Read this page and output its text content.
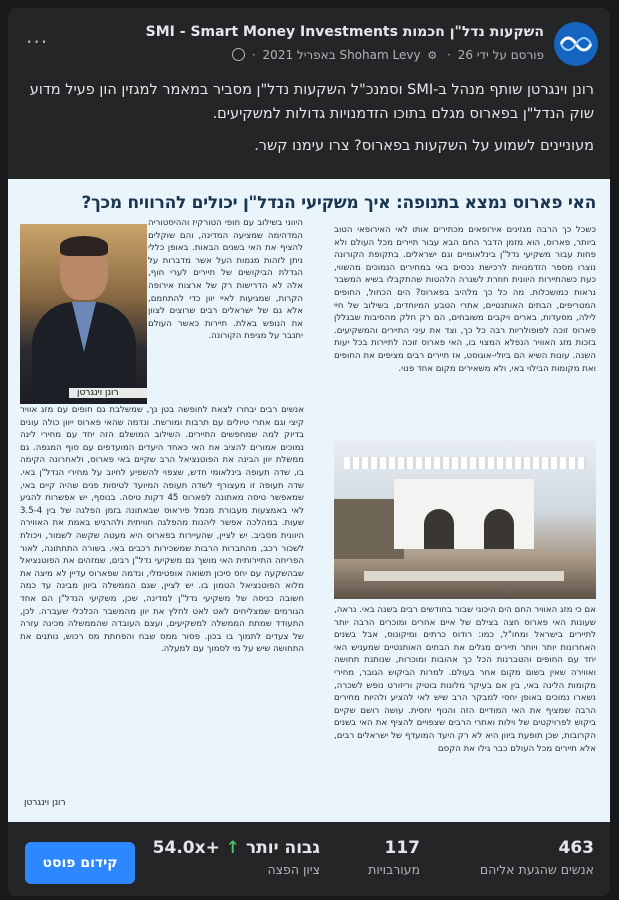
השקעות נדל"ן חכמות SMI - Smart Money Investments
פורסם על ידי Shoham Levy ⚙ · 26 באפריל 2021 ·
···

רונן וינגרטן שותף מנהל ב-SMI וסמנכ"ל השקעות נדל"ן מסביר במאמר למגזין הון פעיל מדוע שוק הנדל"ן בפארוס מגלם בתוכו הזדמנויות גדולות למשקיעים.

מעוניינים לשמוע על השקעות בפארוס? צרו עימנו קשר.

האי פארוס נמצא בתנופה: איך משקיעי הנדל"ן יכולים להרוויח מכך?
כשכל כך הרבה מגזינים אירופאים מכתירים אותו לאי האירופאי הטוב ביותר, פארוס, הוא מזמן הדבר החם הבא עבור תיירים מכל העולם ולא פחות עבור משקיעי נדל"ן בינלאומיים וגם ישראלים. בתקופת הקורונה נוצרו מספר הזדמנויות לרכישת נכסים באי במחירים הנמוכים מהשווי, כעת כשהתיירות היוונית חוזרת לשגרה הלהטות שהתקבלו בשיא המשבר נראות כמושכלות. מה כל כך מלהיב בפארוס? הים הכחול, החופים המטריפים, הבתים האותנטיים, אתרי הטבע המיוחדים, בשילוב של חיי לילה, מסעדות, בארים ויקבים משובחים, הם רק חלק מהסיבות שבגללן פארוס זוכה לפופולריות רבה כל כך, וצד את עיני התיירים והמשקיעים. בזכות מזג האוויר הנפלא המצוי בו, האי פארוס זוכה לתיירות בכל יעות השנה. עונות השיא הם ביולי-אוגוסט, אז תיירים רבים מציפים את החופים ואת מקומות הבילוי באי, ולא משאירים מקום אחד פנוי.
אם כי מזג האוויר החם הים היכוני שבור בחודשים רבים בשנה באי. נראה, שעונות האי פארוס חצה בצילם של איים אחרים ומוכרים הרבה יותר לתיירים בישראל ומחו"ל, כמו: רודוס כרתים ומיקונוס, אבל בשנים האחרונות יותר ויותר תיירים מגלים את הבתים האותנטיים שמעניש האי יחד עם החופים והטברנות הכל כך אהובות ומוכרות, שנותנת תחושה ואווירה שאין בשום מקום אחר בעולם. למרות הביקוש הגובר, מחירי מקומות הלינה באי, בין אם בעיקר מלונות בוטיק וריזורט נופש לשכרה, נשארו נמוכים באופן יחסי למבקר הרב שיש לאי להציע ולהיות מחירים הרבה שמציף את האי המודיים הזה והנוף יחסית. עושה רושם שקיים ביקוש לפרויקטים של וילות ואתרי הרבים שצפויים להציף את האי בשנים הקרובות, שכן תופעת ביוון היא לא רק היעד המועדף של ישראלים רבים, אלא תיירים מכל העולם כבר גילו את הקסם
היווני בשילוב עם חופי הטורקיז וההיסטוריה המדהימה שמציעה המדינה, והם שוקלים להציף את האי בשנים הבאות. באופן כללי ניתן לזהות מגמות העל אשר מדברות על הגדלת הביקושים של תיירים לערי חוף, אלה לא הדרישות רק של ארצות אירופה הקרות, שמגיעות לאיי יוון כדי להתחמם, אלא גם של ישראלים רבים שרוצים לצוון את הנופש באלת. תיירות כאשר העולם יתנבר על מגיפת הקורונה.
רונן וינגרטן
אנשים רבים יבחרו לצאת לחופשה בטן נך, שמשלבת גם חופים עם מזג אוויר קיצי וגם אתרי טיולים עם תרבות ומורשת. ונדמה שהאי פארוס ייוון כולה עונים בדיוק למה שמחפשים התיירים. השילוב המושלם הזה יחד עם מחירי לינה נמוכים אמורים להציב את האי כאחד היעדים המועדפים עם סוף המגפה. גם ממשלת יוון הבינה את הפוטנציאל הרב שקיים באי פארוס, ולאחרונה הקימה בו, שדה תעופה בינלאומי חדש, שצפוי להשפיע לחיוב על מחירי הנדל"ן באי. שדה תעופה זו מעצורף לשדה תעופה המיועד לטיסות פנים שהיה קיים באי, שמאפשר טיסה מאתונה לפארוס 45 דקות טיסה. בנוסף, יש אפשרות להגיע לאי באמצעות מעבורת מנמל פיראוס שבאתונה בזמן הפלגה של בין 3.5-4 שעות. במהלכה אפשר ליהנות מהפלגה חוויתית ולהרגיש באמת את האווירה היוונית מסביב. יש לציין, שהעיירות בפארוס היא מעטה שקשה לשמור, ויכולת לשכור רכב, מהחברות הרבות שמשכירות רכבים באי. בשורה התחתונה, לאור הפריחה התיירותית האי מושך גם משקיעי נדל"ן רבים, שמזהים את הפוטנציאל שבהשקעה עם יחס סיכון תשואה אופטימלי, ונדמה שפארוס עדיין לא מיצה את מלוא הפוטנציאל הטמון בו. יש לציין, שגם הממשלה ביוון מבינה עד כמה חשובה כניסה של משקיעי נדל"ן למדינה, שכן, משקיעי הנדל"ן הם אחד הגורמים שמצליחים לאט לאט לחלץ את יוון מהמשבר הכלכלי שעברה. לכן, התעודד שמתת הממשלה למשקיעים, ועצם העובדה שהממשלה מכינה עזרה של צעדים לתמוך בו בכון. פסור ממס שבח והפחתת מס רכוש, נותנים את התחושה שיש על מי לסמוך עם למעלה.
רונן וינגרטן
463
אנשים שהגעת אליהם
117
מעורבויות
גבוה יותר ↑ 54.0x+
ציון הפצה
קידום פוסט
